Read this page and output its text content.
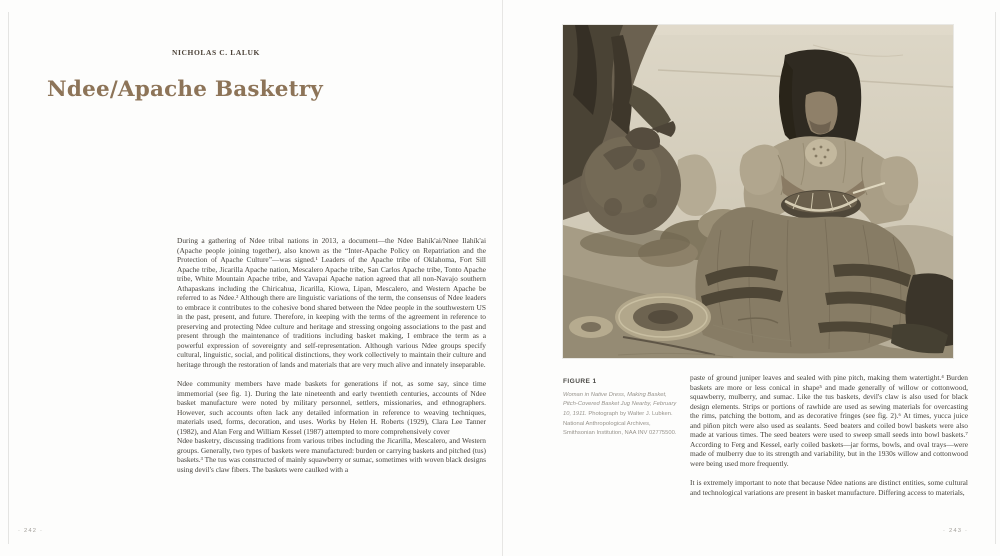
NICHOLAS C. LALUK
Ndee/Apache Basketry

During a gathering of Ndee tribal nations in 2013, a document—the Ndee Bahík'ai/Nnee Ilahík'ai (Apache people joining together), also known as the “Inter-Apache Policy on Repatriation and the Protection of Apache Culture”—was signed.¹ Leaders of the Apache tribe of Oklahoma, Fort Sill Apache tribe, Jicarilla Apache nation, Mescalero Apache tribe, San Carlos Apache tribe, Tonto Apache tribe, White Mountain Apache tribe, and Yavapai Apache nation agreed that all non-Navajo southern Athapaskans including the Chiricahua, Jicarilla, Kiowa, Lipan, Mescalero, and Western Apache be referred to as Ndee.² Although there are linguistic variations of the term, the consensus of Ndee leaders to embrace it contributes to the cohesive bond shared between the Ndee people in the southwestern US in the past, present, and future. Therefore, in keeping with the terms of the agreement in reference to preserving and protecting Ndee culture and heritage and stressing ongoing associations to the past and present through the maintenance of traditions including basket making, I embrace the term as a powerful expression of sovereignty and self-representation. Although various Ndee groups specify cultural, linguistic, social, and political distinctions, they work collectively to maintain their culture and heritage through the restoration of lands and materials that are very much alive and innately inseparable.

Ndee community members have made baskets for generations if not, as some say, since time immemorial (see fig. 1). During the late nineteenth and early twentieth centuries, accounts of Ndee basket manufacture were noted by military personnel, settlers, missionaries, and ethnographers. However, such accounts often lack any detailed information in reference to weaving techniques, materials used, forms, decoration, and uses. Works by Helen H. Roberts (1929), Clara Lee Tanner (1982), and Alan Ferg and William Kessel (1987) attempted to more comprehensively cover

Ndee basketry, discussing traditions from various tribes including the Jicarilla, Mescalero, and Western groups. Generally, two types of baskets were manufactured: burden or carrying baskets and pitched (tus) baskets.³ The tus was constructed of mainly squawberry or sumac, sometimes with woven black designs using devil's claw fibers. The baskets were caulked with a

· 242 ·
FIGURE 1
Woman in Native Dress, Making Basket, Pitch-Covered Basket Jug Nearby, February 10, 1911. Photograph by Walter J. Lubken. National Anthropological Archives, Smithsonian Institution, NAA INV 02775500.

paste of ground juniper leaves and sealed with pine pitch, making them watertight.⁴ Burden baskets are more or less conical in shape⁵ and made generally of willow or cottonwood, squawberry, mulberry, and sumac. Like the tus baskets, devil's claw is also used for black design elements. Strips or portions of rawhide are used as sewing materials for overcasting the rims, patching the bottom, and as decorative fringes (see fig. 2).⁶ At times, yucca juice and piñon pitch were also used as sealants. Seed beaters and coiled bowl baskets were also made at various times. The seed beaters were used to sweep small seeds into bowl baskets.⁷ According to Ferg and Kessel, early coiled baskets—jar forms, bowls, and oval trays—were made of mulberry due to its strength and variability, but in the 1930s willow and cottonwood were being used more frequently.

It is extremely important to note that because Ndee nations are distinct entities, some cultural and technological variations are present in basket manufacture. Differing access to materials,

· 243 ·
